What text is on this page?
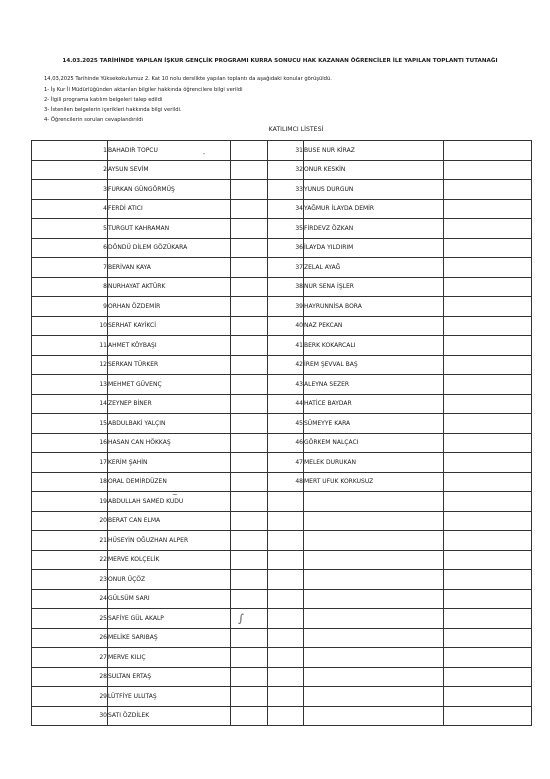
14.03.2025 TARİHİNDE YAPILAN İŞKUR GENÇLİK PROGRAMI KURRA SONUCU HAK KAZANAN ÖĞRENCİLER İLE YAPILAN TOPLANTI TUTANAĞI
14,03,2025 Tarihinde Yüksekokulumuz 2. Kat 10 nolu derslikte yapılan toplantı da aşağıdaki konular görüşüldü.
1- İş Kur İl Müdürlüğünden aktarılan bilgiler hakkında öğrencilere bilgi verildi
2- İlgili programa katılım belgeleri talep edildi
3- İstenilen belgelerin içerikleri hakkında bilgi verildi.
4- Öğrencilerin sorulan cevaplandırıldı
KATILIMCI LİSTESİ
1	BAHADIR TOPCU		31	BUSE NUR KİRAZ	
2	AYSUN SEVİM		32	ONUR KESKİN	
3	FURKAN GÜNGÖRMÜŞ		33	YUNUS DURGUN	
4	FERDİ ATICI		34	YAĞMUR İLAYDA DEMİR	
5	TURGUT KAHRAMAN		35	FİRDEVZ ÖZKAN	
6	DÖNDÜ DİLEM GÖZÜKARA		36	İLAYDA YILDIRIM	
7	BERİVAN KAYA		37	ZELAL AYAĞ	
8	NURHAYAT AKTÜRK		38	NUR SENA İŞLER	
9	ORHAN ÖZDEMİR		39	HAYRUNNİSA BORA	
10	SERHAT KAYİKCİ		40	NAZ PEKCAN	
11	AHMET KÖYBAŞI		41	BERK KOKARCALI	
12	SERKAN TÜRKER		42	İREM ŞEVVAL BAŞ	
13	MEHMET GÜVENÇ		43	ALEYNA SEZER	
14	ZEYNEP BİNER		44	HATİCE BAYDAR	
15	ABDULBAKİ YALÇIN		45	SÜMEYYE KARA	
16	HASAN CAN HÖKKAŞ		46	GÖRKEM NALÇACI	
17	KERİM ŞAHİN		47	MELEK DURUKAN	
18	ORAL DEMİRDÜZEN		48	MERT UFUK KORKUSUZ	
19	ABDULLAH SAMED KUDU				
20	BERAT CAN ELMA				
21	HÜSEYİN OĞUZHAN ALPER				
22	MERVE KOLÇELİK				
23	ONUR ÜÇÖZ				
24	GÜLSÜM SARI				
25	SAFİYE GÜL AKALP				
26	MELİKE SARIBAŞ				
27	MERVE KILIÇ				
28	SULTAN ERTAŞ				
29	LÜTFİYE ULUTAŞ				
30	SATI ÖZDİLEK				
∫
~
-
